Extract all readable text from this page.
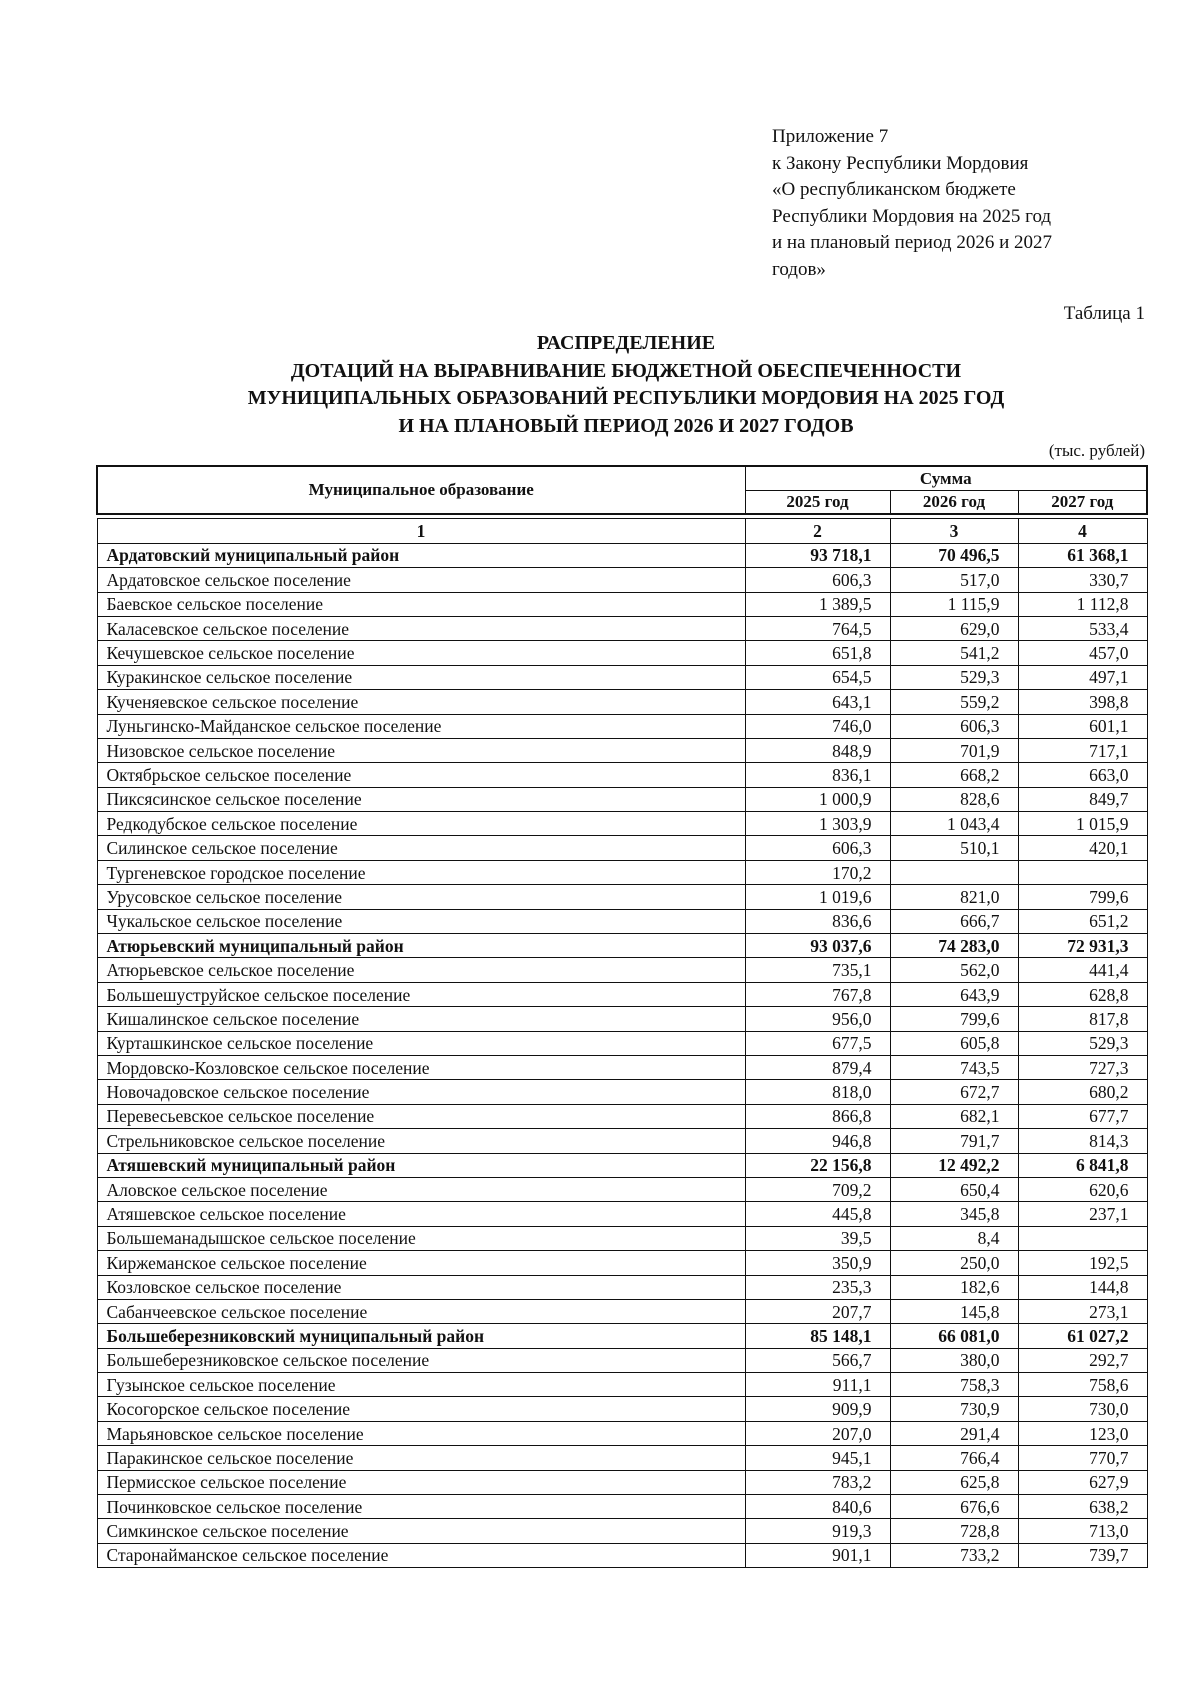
Приложение 7
к Закону Республики Мордовия
«О республиканском бюджете
Республики Мордовия на 2025 год
и на плановый период 2026 и 2027
годов»
Таблица 1
РАСПРЕДЕЛЕНИЕ
ДОТАЦИЙ НА ВЫРАВНИВАНИЕ БЮДЖЕТНОЙ ОБЕСПЕЧЕННОСТИ
МУНИЦИПАЛЬНЫХ ОБРАЗОВАНИЙ РЕСПУБЛИКИ МОРДОВИЯ НА 2025 ГОД
И НА ПЛАНОВЫЙ ПЕРИОД 2026 И 2027 ГОДОВ
(тыс. рублей)
Муниципальное образование	Сумма		
	2025 год	2026 год	2027 год

1	2	3	4
Ардатовский муниципальный район	93 718,1	70 496,5	61 368,1
Ардатовское сельское поселение	606,3	517,0	330,7
Баевское сельское поселение	1 389,5	1 115,9	1 112,8
Каласевское сельское поселение	764,5	629,0	533,4
Кечушевское сельское поселение	651,8	541,2	457,0
Куракинское сельское поселение	654,5	529,3	497,1
Кученяевское сельское поселение	643,1	559,2	398,8
Луньгинско-Майданское сельское поселение	746,0	606,3	601,1
Низовское сельское поселение	848,9	701,9	717,1
Октябрьское сельское поселение	836,1	668,2	663,0
Пиксясинское сельское поселение	1 000,9	828,6	849,7
Редкодубское сельское поселение	1 303,9	1 043,4	1 015,9
Силинское сельское поселение	606,3	510,1	420,1
Тургеневское городское поселение	170,2		
Урусовское сельское поселение	1 019,6	821,0	799,6
Чукальское сельское поселение	836,6	666,7	651,2
Атюрьевский муниципальный район	93 037,6	74 283,0	72 931,3
Атюрьевское сельское поселение	735,1	562,0	441,4
Большешуструйское сельское поселение	767,8	643,9	628,8
Кишалинское сельское поселение	956,0	799,6	817,8
Курташкинское сельское поселение	677,5	605,8	529,3
Мордовско-Козловское сельское поселение	879,4	743,5	727,3
Новочадовское сельское поселение	818,0	672,7	680,2
Перевесьевское сельское поселение	866,8	682,1	677,7
Стрельниковское сельское поселение	946,8	791,7	814,3
Атяшевский муниципальный район	22 156,8	12 492,2	6 841,8
Аловское сельское поселение	709,2	650,4	620,6
Атяшевское сельское поселение	445,8	345,8	237,1
Большеманадышское сельское поселение	39,5	8,4	
Киржеманское сельское поселение	350,9	250,0	192,5
Козловское сельское поселение	235,3	182,6	144,8
Сабанчеевское сельское поселение	207,7	145,8	273,1
Большеберезниковский муниципальный район	85 148,1	66 081,0	61 027,2
Большеберезниковское сельское поселение	566,7	380,0	292,7
Гузынское сельское поселение	911,1	758,3	758,6
Косогорское сельское поселение	909,9	730,9	730,0
Марьяновское сельское поселение	207,0	291,4	123,0
Паракинское сельское поселение	945,1	766,4	770,7
Пермисское сельское поселение	783,2	625,8	627,9
Починковское сельское поселение	840,6	676,6	638,2
Симкинское сельское поселение	919,3	728,8	713,0
Старонайманское сельское поселение	901,1	733,2	739,7
